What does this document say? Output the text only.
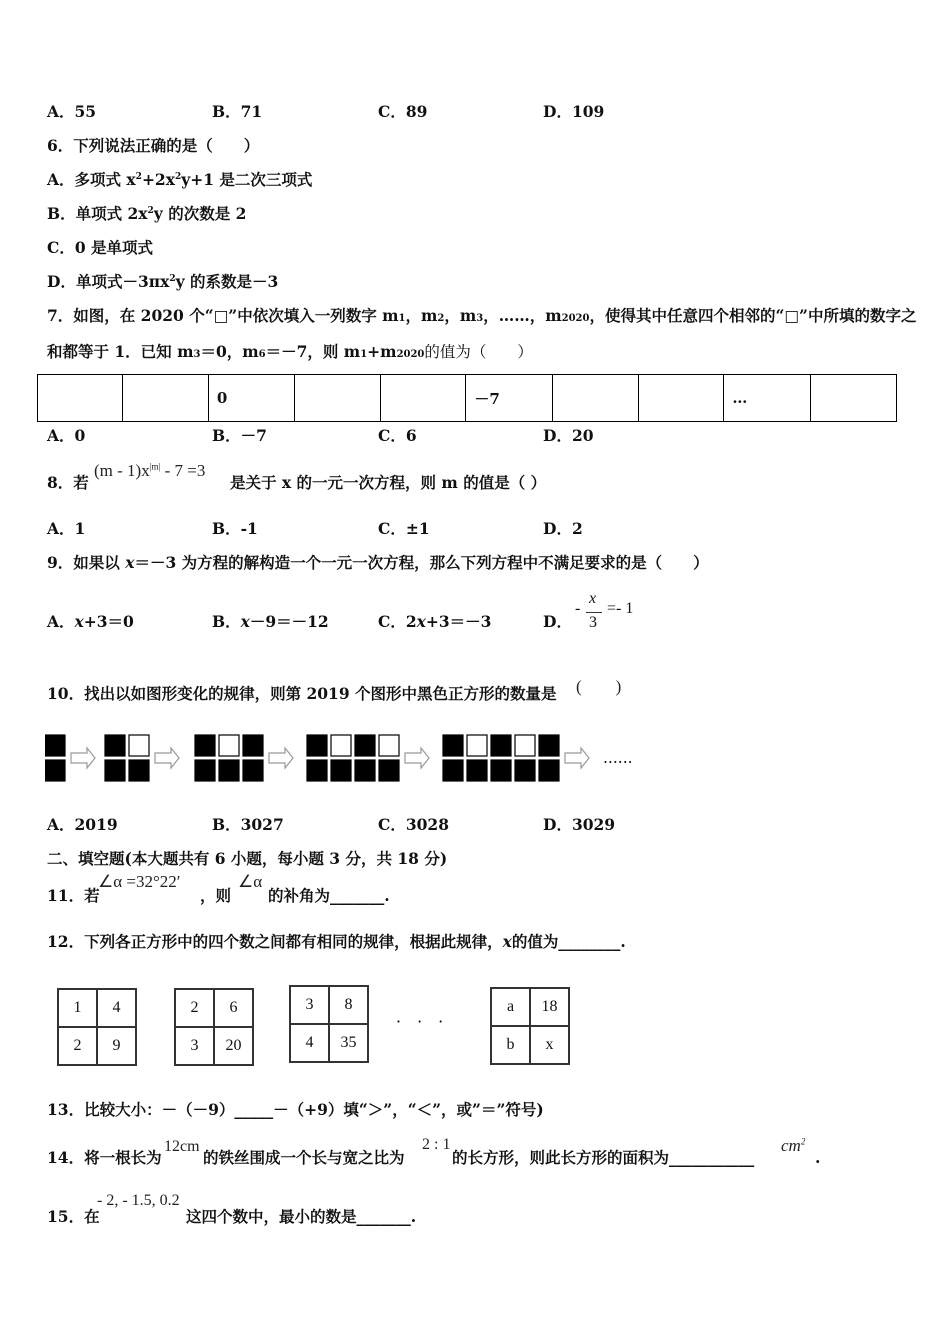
A．55	B．71	C．89	D．109
6．下列说法正确的是（　　）
A．多项式 $x^2+2x^2y+1$ 是二次三项式
B．单项式 $2x^2y$ 的次数是 2
C．0 是单项式
D．单项式$-3\pi x^2y$ 的系数是－3
7．如图，在 2020 个“□”中依次填入一列数字 m1，m2，m3，……，m2020，使得其中任意四个相邻的“□”中所填的数字之
和都等于 1．已知 m3＝0，m6＝－7，则 m1+m2020的值为（　　）
		0			－7			…	
A．0	B．－7	C．6	D．20
8．若
$(m - 1)x^{|m|} - 7 =3$
是关于 x 的一元一次方程，则 m 的值是（ ）
A．1	B．-1	C．±1	D．2
9．如果以 x＝－3 为方程的解构造一个一元一次方程，那么下列方程中不满足要求的是（　　）
A．x+3＝0	B．x－9＝－12	C．2x+3＝－3	D．
-
x
3
=- 1
10．找出以如图形变化的规律，则第 2019 个图形中黑色正方形的数量是 (　　)
......
A．2019	B．3027	C．3028	D．3029
二、填空题(本大题共有 6 小题，每小题 3 分，共 18 分)
11．若
∠α =32°22′
，则
∠α
的补角为_______.
12．下列各正方形中的四个数之间都有相同的规律，根据此规律，x的值为________.
1	4
2	9
2	6
3	20
3	8
4	35
·　·　·
a	18
b	x
13．比较大小：－（－9）_____－（+9）填“＞”，“＜”，或”＝”符号)
14．将一根长为
12cm
的铁丝围成一个长与宽之比为
2 : 1
的长方形，则此长方形的面积为___________
$cm^2$
.
15．在
- 2, - 1.5, 0.2
这四个数中，最小的数是_______.
